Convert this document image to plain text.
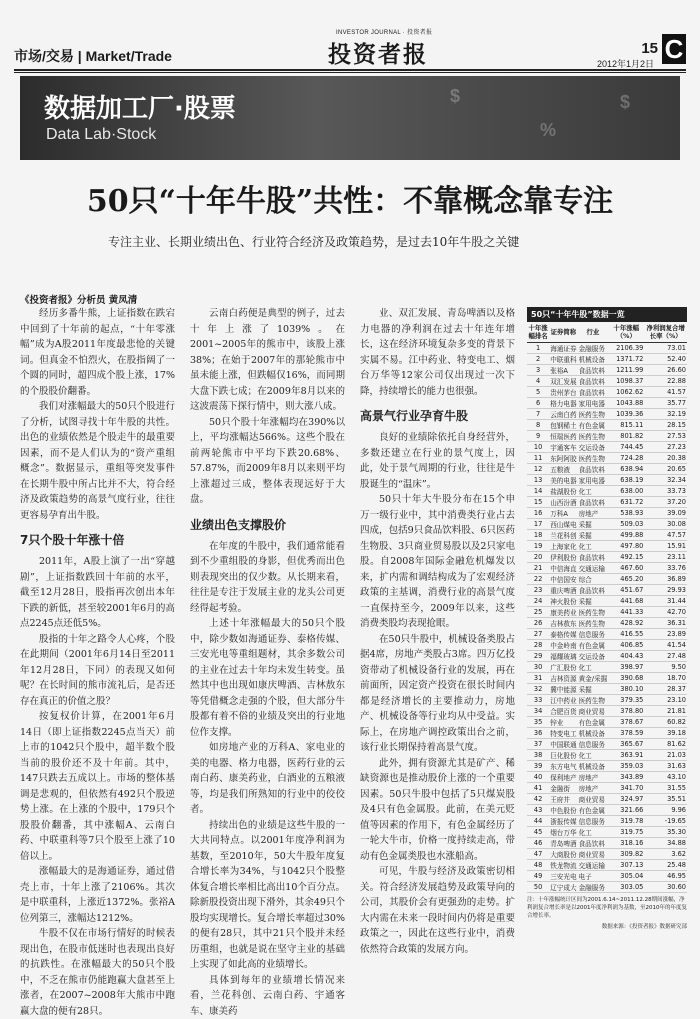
市场/交易 | Market/Trade
INVESTOR JOURNAL · 投资者报
投资者报	15 C
2012年1月2日
$
%
$
数据加工厂·股票
Data Lab·Stock
50只“十年牛股”共性：不靠概念靠专注
专注主业、长期业绩出色、行业符合经济及政策趋势，是过去10年牛股之关键
《投资者报》分析员 黄凤清

经历多番牛熊，上证指数在跌宕中回到了十年前的起点，“十年零涨幅”成为A股2011年度最悲怆的关键词。但真金不怕烈火，在股指阔了一个圆的同时，超四成个股上涨，17%的个股股价翻番。

我们对涨幅最大的50只个股进行了分析，试图寻找十年牛股的共性。出色的业绩依然是个股走牛的最重要因素，而不是人们认为的“资产重组概念”。数据显示，重组等突发事件在长期牛股中所占比并不大，符合经济及政策趋势的高景气度行业，往往更容易孕育出牛股。

7只个股十年涨十倍

2011年，A股上演了一出“穿越剧”，上证指数跌回十年前的水平，截至12月28日，股指再次创出本年下跌的新低，甚至较2001年6月的高点2245点还低5%。

股指的十年之路令人心疼，个股在此期间（2001年6月14日至2011年12月28日，下同）的表现又如何呢？在长时间的熊市流礼后，是否还存在真正的价值之股？

按复权价计算，在2001年6月14日（即上证指数2245点当天）前上市的1042只个股中，超半数个股当前的股价还不及十年前。其中，147只跌去五成以上。市场的整体基调是悲观的，但依然有492只个股逆势上涨。在上涨的个股中，179只个股股价翻番，其中涨幅A、云南白药、中联重科等7只个股至上涨了10倍以上。

涨幅最大的是海通证券，通过借壳上市，十年上涨了2106%。其次是中联重科，上涨近1372%。张裕A位列第三，涨幅达1212%。

牛股不仅在市场行情好的时候表现出色，在股市低迷时也表现出良好的抗跌性。在涨幅最大的50只个股中，不乏在熊市仍能跑赢大盘甚至上涨者，在2007~2008年大熊市中跑赢大盘的便有28只。

云南白药便是典型的例子，过去十年上涨了1039%。在2001~2005年的熊市中，该股上涨38%；在始于2007年的那轮熊市中虽未能上涨，但跌幅仅16%，而同期大盘下跌七成；在2009年8月以来的这波震荡下探行情中，则大涨八成。

50只个股十年涨幅均在390%以上，平均涨幅达566%。这些个股在前两轮熊市中平均下跌20.68%、57.87%，而2009年8月以来则平均上涨超过三成，整体表现远好于大盘。

业绩出色支撑股价

在年度的牛股中，我们通常能看到不少重组股的身影，但优秀而出色则表现突出的仅少数。从长期来看，往往是专注于发展主业的龙头公司更经得起考验。

上述十年涨幅最大的50只个股中，除少数如海通证券、泰格传媒、三安光电等重组题材，其余多数公司的主业在过去十年均未发生转变。虽然其中也出现如康庆啤酒、吉林敖东等凭借概念走强的个股，但大部分牛股都有着不俗的业绩及突出的行业地位作支撑。

如房地产业的万科A、家电业的美的电器、格力电器，医药行业的云南白药、康美药业，白酒业的五粮液等，均是我们所熟知的行业中的佼佼者。

持续出色的业绩是这些牛股的一大共同特点。以2001年度净利润为基数，至2010年，50大牛股年度复合增长率为34%，与1042只个股整体复合增长率相比高出10个百分点。除新股投资出现下滑外，其余49只个股均实现增长。复合增长率超过30%的便有28只，其中21只个股并未经历重组，也就是说在坚守主业的基础上实现了如此高的业绩增长。

具体到每年的业绩增长情况来看，兰花科创、云南白药、宇通客车、康美药

业、双汇发展、青岛啤酒以及格力电器的净利润在过去十年连年增长，这在经济环境复杂多变的背景下实属不易。江中药业、特变电工、烟台万华等12家公司仅出现过一次下降，持续增长的能力也很强。

高景气行业孕育牛股

良好的业绩除依托自身经营外，多数还建立在行业的景气度上，因此，处于景气周期的行业，往往是牛股诞生的“温床”。

50只十年大牛股分布在15个申万一级行业中，其中消费类行业占去四成，包括9只食品饮料股、6只医药生物股、3只商业贸易股以及2只家电股。自2008年国际金融危机爆发以来，扩内需和调结构成为了宏观经济政策的主基调，消费行业的高景气度一直保持至今，2009年以来，这些消费类股均表现抢眼。

在50只牛股中，机械设备类股占据4席，房地产类股占3席。四万亿投资带动了机械设备行业的发展，再在前面所，因定资产投资在很长时间内都是经济增长的主要推动力，房地产、机械设备等行业均从中受益。实际上，在房地产调控政策出台之前，该行业长期保持着高景气度。

此外，拥有资源尤其是矿产、稀缺资源也是推动股价上涨的一个重要因素。50只牛股中包括了5只煤炭股及4只有色金属股。此前，在美元贬值等因素的作用下，有色金属经历了一轮大牛市，价格一度持续走高，带动有色金属类股也水涨船高。

可见，牛股与经济及政策密切相关。符合经济发展趋势及政策导向的公司，其股价会有更强劲的走势。扩大内需在未来一段时间内仍将是重要政策之一，因此在这些行业中，消费依然符合政策的发展方向。

50只“十年牛股”数据一览
十年涨幅排名	证券简称	行业	十年涨幅（%）	净利润复合增长率（%）
1	海通证券	金融服务	2106.39	73.01
2	中联重科	机械设备	1371.72	52.40
3	张裕A	食品饮料	1211.99	26.60
4	双汇发展	食品饮料	1098.37	22.88
5	贵州茅台	食品饮料	1062.62	41.57
6	格力电器	家用电器	1043.88	35.77
7	云南白药	医药生物	1039.36	32.19
8	包钢稀土	有色金属	815.11	28.15
9	恒瑞医药	医药生物	801.82	27.53
10	宇通客车	交运设备	744.45	27.23
11	东阿阿胶	医药生物	724.28	20.38
12	五粮液	食品饮料	638.94	20.65
13	美的电器	家用电器	638.19	32.34
14	盐湖股份	化工	638.00	33.73
15	山西汾酒	食品饮料	631.72	37.20
16	万科A	房地产	538.93	39.09
17	西山煤电	采掘	509.03	30.08
18	兰花科创	采掘	499.88	47.57
19	上海家化	化工	497.80	15.91
20	伊利股份	食品饮料	492.15	23.11
21	中信海直	交通运输	467.60	33.76
22	中信国安	综合	465.20	36.89
23	重庆啤酒	食品饮料	451.67	29.93
24	神火股份	采掘	441.68	31.44
25	康美药业	医药生物	441.33	42.70
26	吉林敖东	医药生物	428.92	36.31
27	泰格传媒	信息服务	416.55	23.89
28	中金岭南	有色金属	406.85	41.54
29	福耀玻璃	交运设备	404.43	27.48
30	广汇股份	化工	398.97	9.50
31	吉林资源	黄金/采掘	390.68	18.70
32	冀中能源	采掘	380.10	28.37
33	江中药业	医药生物	379.35	23.10
34	合肥百货	商业贸易	378.80	21.81
35	锌业	有色金属	378.67	60.82
36	特变电工	机械设备	378.59	39.18
37	中国联通	信息服务	365.67	81.62
38	巨化股份	化工	363.91	21.03
39	东方电气	机械设备	359.03	31.63
40	保利地产	房地产	343.89	43.10
41	金融街	房地产	341.70	31.55
42	王府井	商业贸易	324.97	35.51
43	中色股份	有色金属	321.66	9.96
44	浙报传媒	信息服务	319.78	-19.65
45	烟台万华	化工	319.75	35.30
46	青岛啤酒	食品饮料	318.16	34.88
47	大商股份	商业贸易	309.82	3.62
48	铁龙物流	交通运输	307.13	25.48
49	三安光电	电子	305.04	46.95
50	辽宁成大	金融服务	303.05	30.60
注：十年涨幅统计区间为2001.6.14~2011.12.28期间涨幅，净利润复合增长率是以2001年度净利润为基数，至2010年的年度复合增长率。
数据来源：《投资者报》数据研究部
